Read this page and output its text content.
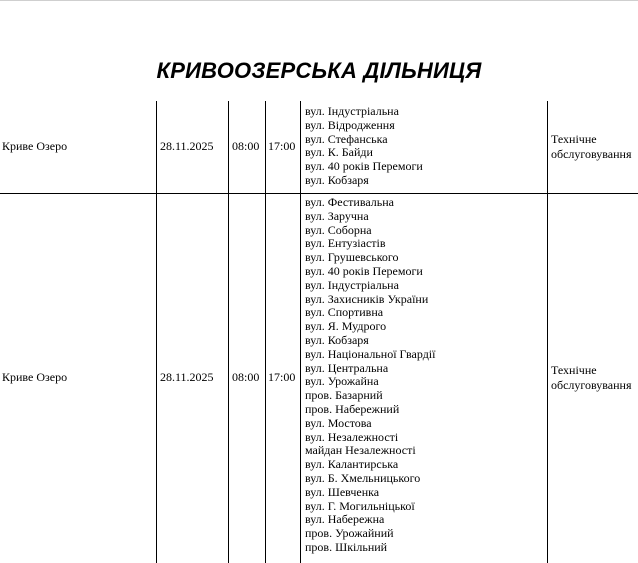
КРИВООЗЕРСЬКА ДІЛЬНИЦЯ
Криве Озеро	28.11.2025 08:00 17:00
вул. Індустріальна
вул. Відродження
вул. Стефанська
вул. К. Байди
вул. 40 років Перемоги
вул. Кобзаря
Технічне
обслуговування
Криве Озеро	28.11.2025 08:00 17:00
вул. Фестивальна
вул. Заручна
вул. Соборна
вул. Ентузіастів
вул. Грушевського
вул. 40 років Перемоги
вул. Індустріальна
вул. Захисників України
вул. Спортивна
вул. Я. Мудрого
вул. Кобзаря
вул. Національної Гвардії
вул. Центральна
вул. Урожайна
пров. Базарний
пров. Набережний
вул. Мостова
вул. Незалежності
майдан Незалежності
вул. Калантирська
вул. Б. Хмельницького
вул. Шевченка
вул. Г. Могильніцької
вул. Набережна
пров. Урожайний
пров. Шкільний
Технічне
обслуговування
